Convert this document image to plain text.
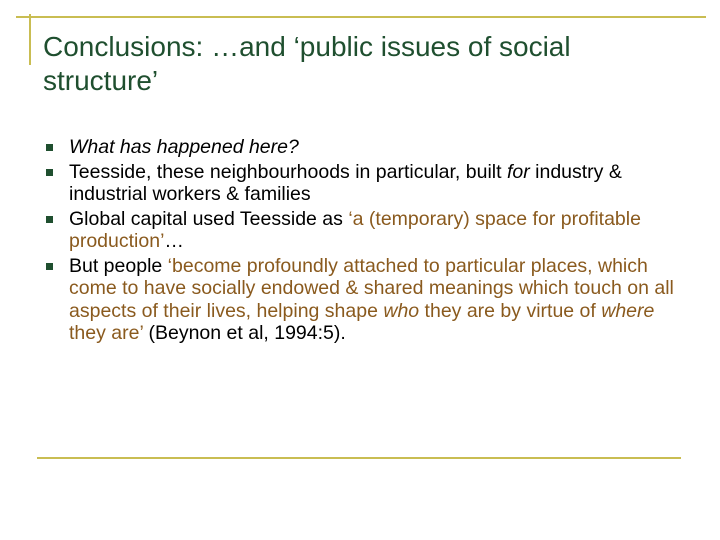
Conclusions: …and ‘public issues of social structure’
What has happened here?
Teesside, these neighbourhoods in particular, built for industry & industrial workers & families
Global capital used Teesside as ‘a (temporary) space for profitable production’…
But people ‘become profoundly attached to particular places, which come to have socially endowed & shared meanings which touch on all aspects of their lives, helping shape who they are by virtue of where they are’ (Beynon et al, 1994:5).
